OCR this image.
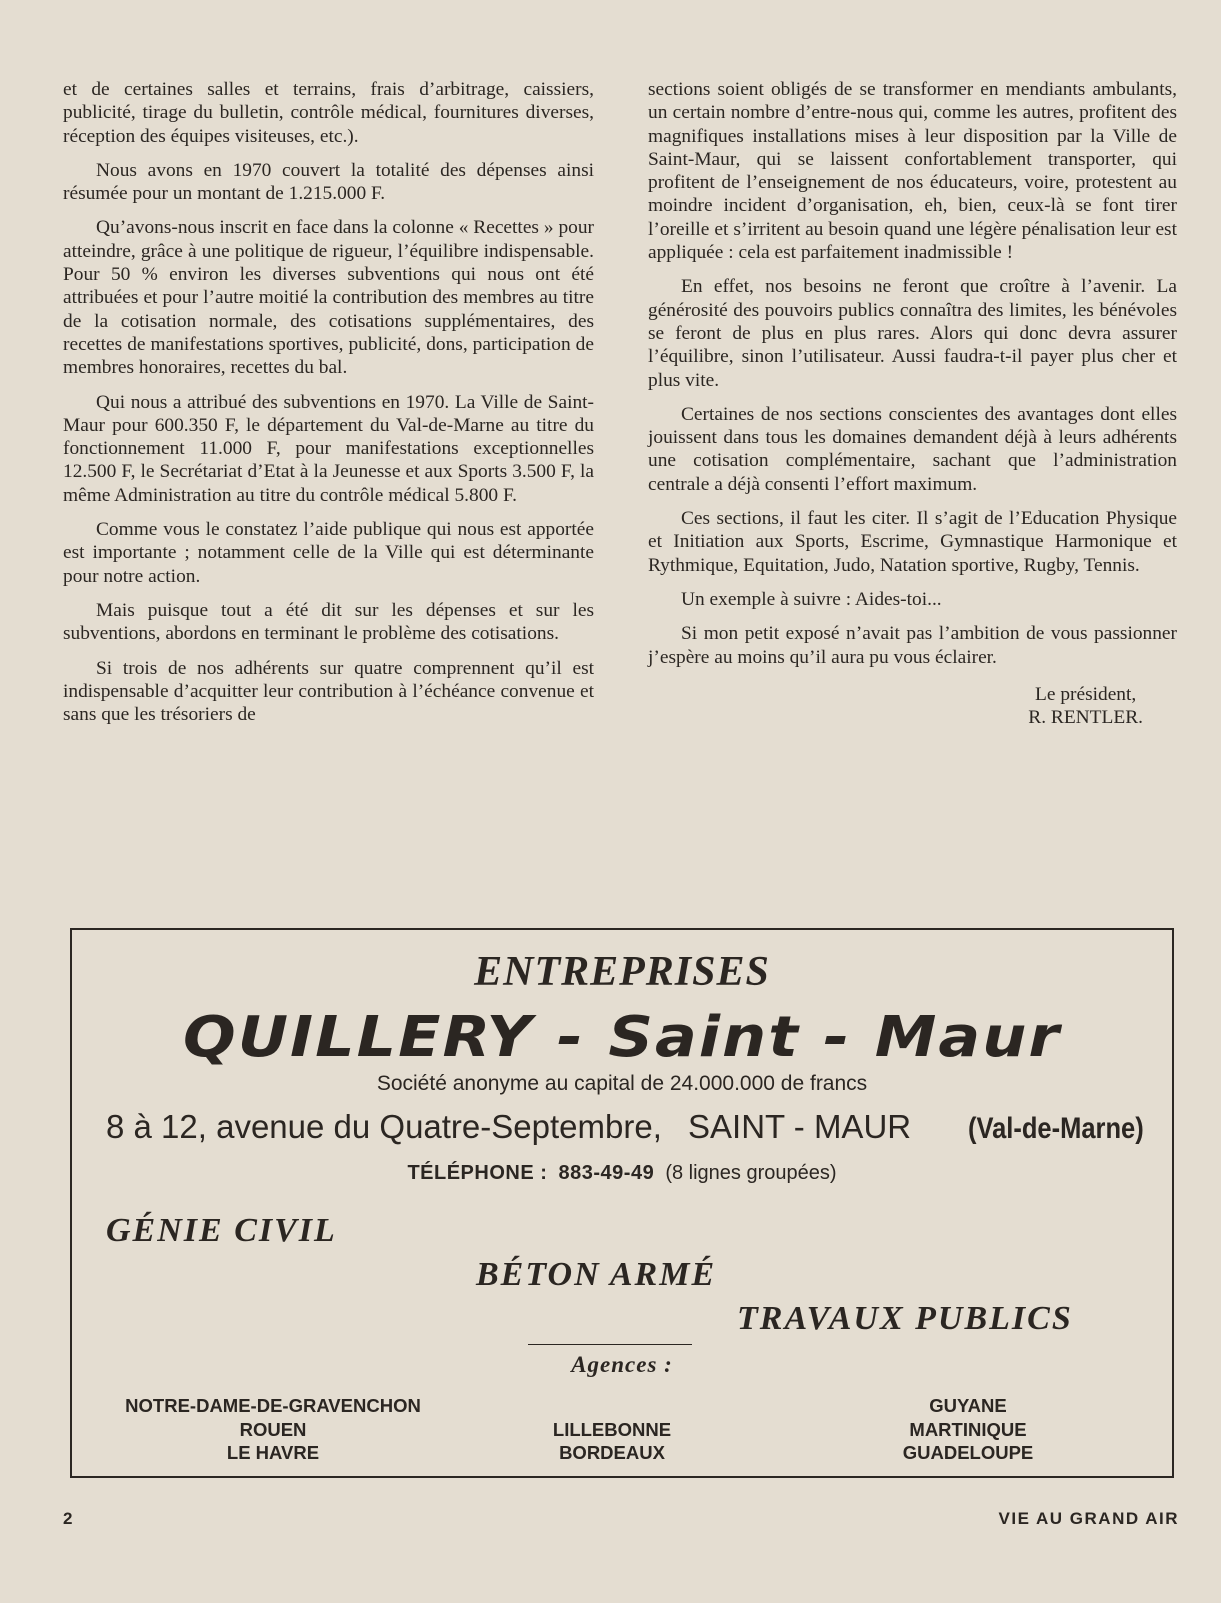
et de certaines salles et terrains, frais d’arbitrage, caissiers, publicité, tirage du bulletin, contrôle médical, fournitures diverses, réception des équipes visiteuses, etc.).

Nous avons en 1970 couvert la totalité des dépenses ainsi résumée pour un montant de 1.215.000 F.

Qu’avons-nous inscrit en face dans la colonne « Recettes » pour atteindre, grâce à une politique de rigueur, l’équilibre indispensable. Pour 50 % environ les diverses subventions qui nous ont été attribuées et pour l’autre moitié la contribution des membres au titre de la cotisation normale, des cotisations supplémentaires, des recettes de manifestations sportives, publicité, dons, participation de membres honoraires, recettes du bal.

Qui nous a attribué des subventions en 1970. La Ville de Saint-Maur pour 600.350 F, le département du Val-de-Marne au titre du fonctionnement 11.000 F, pour manifestations exceptionnelles 12.500 F, le Secrétariat d’Etat à la Jeunesse et aux Sports 3.500 F, la même Administration au titre du contrôle médical 5.800 F.

Comme vous le constatez l’aide publique qui nous est apportée est importante ; notamment celle de la Ville qui est déterminante pour notre action.

Mais puisque tout a été dit sur les dépenses et sur les subventions, abordons en terminant le problème des cotisations.

Si trois de nos adhérents sur quatre comprennent qu’il est indispensable d’acquitter leur contribution à l’échéance convenue et sans que les trésoriers de

sections soient obligés de se transformer en mendiants ambulants, un certain nombre d’entre-nous qui, comme les autres, profitent des magnifiques installations mises à leur disposition par la Ville de Saint-Maur, qui se laissent confortablement transporter, qui profitent de l’enseignement de nos éducateurs, voire, protestent au moindre incident d’organisation, eh, bien, ceux-là se font tirer l’oreille et s’irritent au besoin quand une légère pénalisation leur est appliquée : cela est parfaitement inadmissible !

En effet, nos besoins ne feront que croître à l’avenir. La générosité des pouvoirs publics connaîtra des limites, les bénévoles se feront de plus en plus rares. Alors qui donc devra assurer l’équilibre, sinon l’utilisateur. Aussi faudra-t-il payer plus cher et plus vite.

Certaines de nos sections conscientes des avantages dont elles jouissent dans tous les domaines demandent déjà à leurs adhérents une cotisation complémentaire, sachant que l’administration centrale a déjà consenti l’effort maximum.

Ces sections, il faut les citer. Il s’agit de l’Education Physique et Initiation aux Sports, Escrime, Gymnastique Harmonique et Rythmique, Equitation, Judo, Natation sportive, Rugby, Tennis.

Un exemple à suivre : Aides-toi...

Si mon petit exposé n’avait pas l’ambition de vous passionner j’espère au moins qu’il aura pu vous éclairer.

Le président,
R. RENTLER.
ENTREPRISES
QUILLERY - Saint - Maur
Société anonyme au capital de 24.000.000 de francs
8 à 12, avenue du Quatre-Septembre, SAINT - MAUR (Val-de-Marne)
TÉLÉPHONE : 883-49-49 (8 lignes groupées)
GÉNIE CIVIL
BÉTON ARMÉ
TRAVAUX PUBLICS
Agences :
NOTRE-DAME-DE-GRAVENCHON
ROUEN
LE HAVRE
LILLEBONNE
BORDEAUX
GUYANE
MARTINIQUE
GUADELOUPE
2	VIE AU GRAND AIR
